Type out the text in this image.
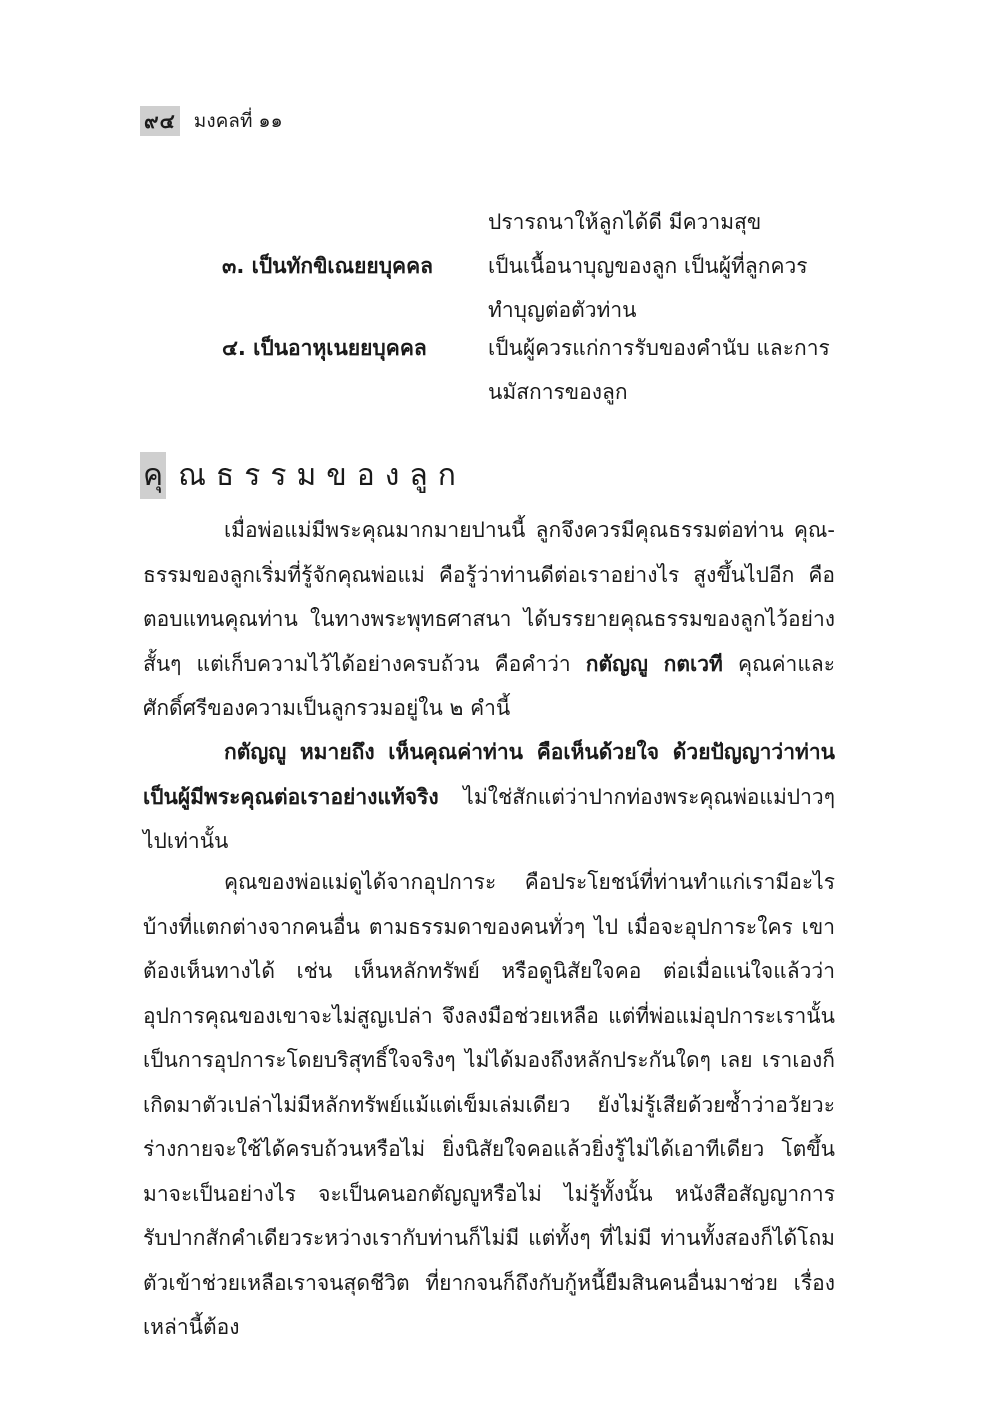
๙๔ มงคลที่ ๑๑
ปรารถนาให้ลูกได้ดี มีความสุข
๓. เป็นทักขิเณยยบุคคล	เป็นเนื้อนาบุญของลูก เป็นผู้ที่ลูกควร ทำบุญต่อตัวท่าน
๔. เป็นอาหุเนยยบุคคล	เป็นผู้ควรแก่การรับของคำนับ และการ นมัสการของลูก
คุ ณธรรมของลูก

เมื่อพ่อแม่มีพระคุณมากมายปานนี้ ลูกจึงควรมีคุณธรรมต่อท่าน คุณ-ธรรมของลูกเริ่มที่รู้จักคุณพ่อแม่ คือรู้ว่าท่านดีต่อเราอย่างไร สูงขึ้นไปอีก คือตอบแทนคุณท่าน ในทางพระพุทธศาสนา ได้บรรยายคุณธรรมของลูกไว้อย่างสั้นๆ แต่เก็บความไว้ได้อย่างครบถ้วน คือคำว่า กตัญญู กตเวที คุณค่าและศักดิ์ศรีของความเป็นลูกรวมอยู่ใน ๒ คำนี้

กตัญญู หมายถึง เห็นคุณค่าท่าน คือเห็นด้วยใจ ด้วยปัญญาว่าท่านเป็นผู้มีพระคุณต่อเราอย่างแท้จริง ไม่ใช่สักแต่ว่าปากท่องพระคุณพ่อแม่ปาวๆ ไปเท่านั้น

คุณของพ่อแม่ดูได้จากอุปการะ คือประโยชน์ที่ท่านทำแก่เรามีอะไรบ้างที่แตกต่างจากคนอื่น ตามธรรมดาของคนทั่วๆ ไป เมื่อจะอุปการะใคร เขาต้องเห็นทางได้ เช่น เห็นหลักทรัพย์ หรือดูนิสัยใจคอ ต่อเมื่อแน่ใจแล้วว่าอุปการคุณของเขาจะไม่สูญเปล่า จึงลงมือช่วยเหลือ แต่ที่พ่อแม่อุปการะเรานั้น เป็นการอุปการะโดยบริสุทธิ์ใจจริงๆ ไม่ได้มองถึงหลักประกันใดๆ เลย เราเองก็เกิดมาตัวเปล่าไม่มีหลักทรัพย์แม้แต่เข็มเล่มเดียว ยังไม่รู้เสียด้วยซ้ำว่าอวัยวะร่างกายจะใช้ได้ครบถ้วนหรือไม่ ยิ่งนิสัยใจคอแล้วยิ่งรู้ไม่ได้เอาทีเดียว โตขึ้นมาจะเป็นอย่างไร จะเป็นคนอกตัญญูหรือไม่ ไม่รู้ทั้งนั้น หนังสือสัญญาการรับปากสักคำเดียวระหว่างเรากับท่านก็ไม่มี แต่ทั้งๆ ที่ไม่มี ท่านทั้งสองก็ได้โถมตัวเข้าช่วยเหลือเราจนสุดชีวิต ที่ยากจนก็ถึงกับกู้หนี้ยืมสินคนอื่นมาช่วย เรื่องเหล่านี้ต้อง
